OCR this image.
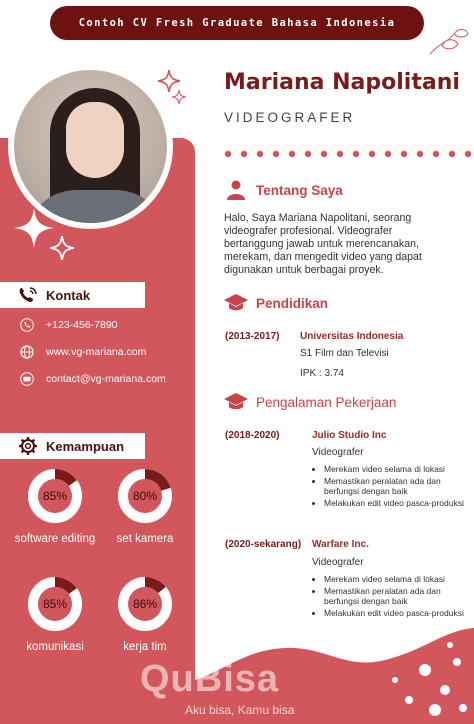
Contoh CV Fresh Graduate Bahasa Indonesia
Kontak
+123-456-7890
www.vg-mariana.com
contact@vg-mariana.com
Kemampuan
85%
software editing
80%
set kamera
85%
komunikasi
86%
kerja tim
Mariana Napolitani
VIDEOGRAFER
Tentang Saya
Halo, Saya Mariana Napolitani, seorang videografer profesional. Videografer bertanggung jawab untuk merencanakan, merekam, dan mengedit video yang dapat digunakan untuk berbagai proyek.
Pendidikan
(2013-2017) Universitas Indonesia
S1 Film dan Televisi
IPK : 3.74
Pengalaman Pekerjaan
(2018-2020)	Julio Studio Inc
Videografer
• Merekam video selama di lokasi
• Memastikan peralatan ada dan berfungsi dengan baik
• Melakukan edit video pasca-produksi
(2020-sekarang) Warfare Inc.
Videografer
• Merekam video selama di lokasi
• Memastikan peralatan ada dan berfungsi dengan baik
• Melakukan edit video pasca-produksi
QuBisa
Aku bisa, Kamu bisa
